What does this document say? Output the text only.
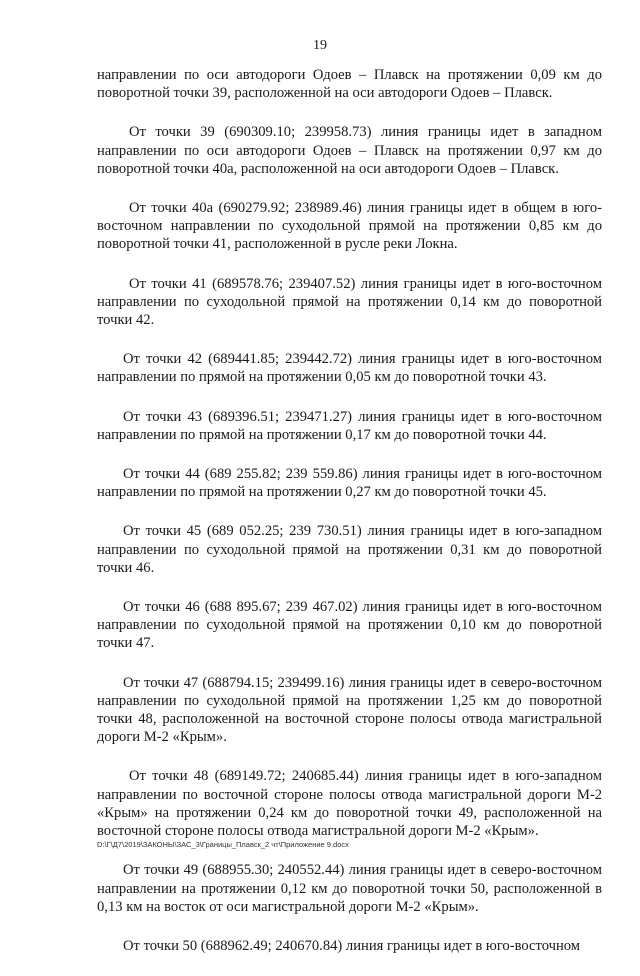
19

направлении по оси автодороги Одоев – Плавск на протяжении 0,09 км до поворотной точки 39, расположенной на оси автодороги Одоев – Плавск.

От точки 39 (690309.10; 239958.73) линия границы идет в западном направлении по оси автодороги Одоев – Плавск на протяжении 0,97 км до поворотной точки 40а, расположенной на оси автодороги Одоев – Плавск.

От точки 40а (690279.92; 238989.46) линия границы идет в общем в юго-восточном направлении по суходольной прямой на протяжении 0,85 км до поворотной точки 41, расположенной в русле реки Локна.

От точки 41 (689578.76; 239407.52) линия границы идет в юго-восточном направлении по суходольной прямой на протяжении 0,14 км до поворотной точки 42.

От точки 42 (689441.85; 239442.72) линия границы идет в юго-восточном направлении по прямой на протяжении 0,05 км до поворотной точки 43.

От точки 43 (689396.51; 239471.27) линия границы идет в юго-восточном направлении по прямой на протяжении 0,17 км до поворотной точки 44.

От точки 44 (689 255.82; 239 559.86) линия границы идет в юго-восточном направлении по прямой на протяжении 0,27 км до поворотной точки 45.

От точки 45 (689 052.25; 239 730.51) линия границы идет в юго-западном направлении по суходольной прямой на протяжении 0,31 км до поворотной точки 46.

От точки 46 (688 895.67; 239 467.02) линия границы идет в юго-восточном направлении по суходольной прямой на протяжении 0,10 км до поворотной точки 47.

От точки 47 (688794.15; 239499.16) линия границы идет в северо-восточном направлении по суходольной прямой на протяжении 1,25 км до поворотной точки 48, расположенной на восточной стороне полосы отвода магистральной дороги М-2 «Крым».

От точки 48 (689149.72; 240685.44) линия границы идет в юго-западном направлении по восточной стороне полосы отвода магистральной дороги М-2 «Крым» на протяжении 0,24 км до поворотной точки 49, расположенной на восточной стороне полосы отвода магистральной дороги М-2 «Крым».

От точки 49 (688955.30; 240552.44) линия границы идет в северо-восточном направлении на протяжении 0,12 км до поворотной точки 50, расположенной в 0,13 км на восток от оси магистральной дороги М-2 «Крым».

От точки 50 (688962.49; 240670.84) линия границы идет в юго-восточном

D:\Г\Д7\2019\ЗАКОНЫ\ЗАС_3\Границы_Плавск_2 чт\Приложение 9.docx
